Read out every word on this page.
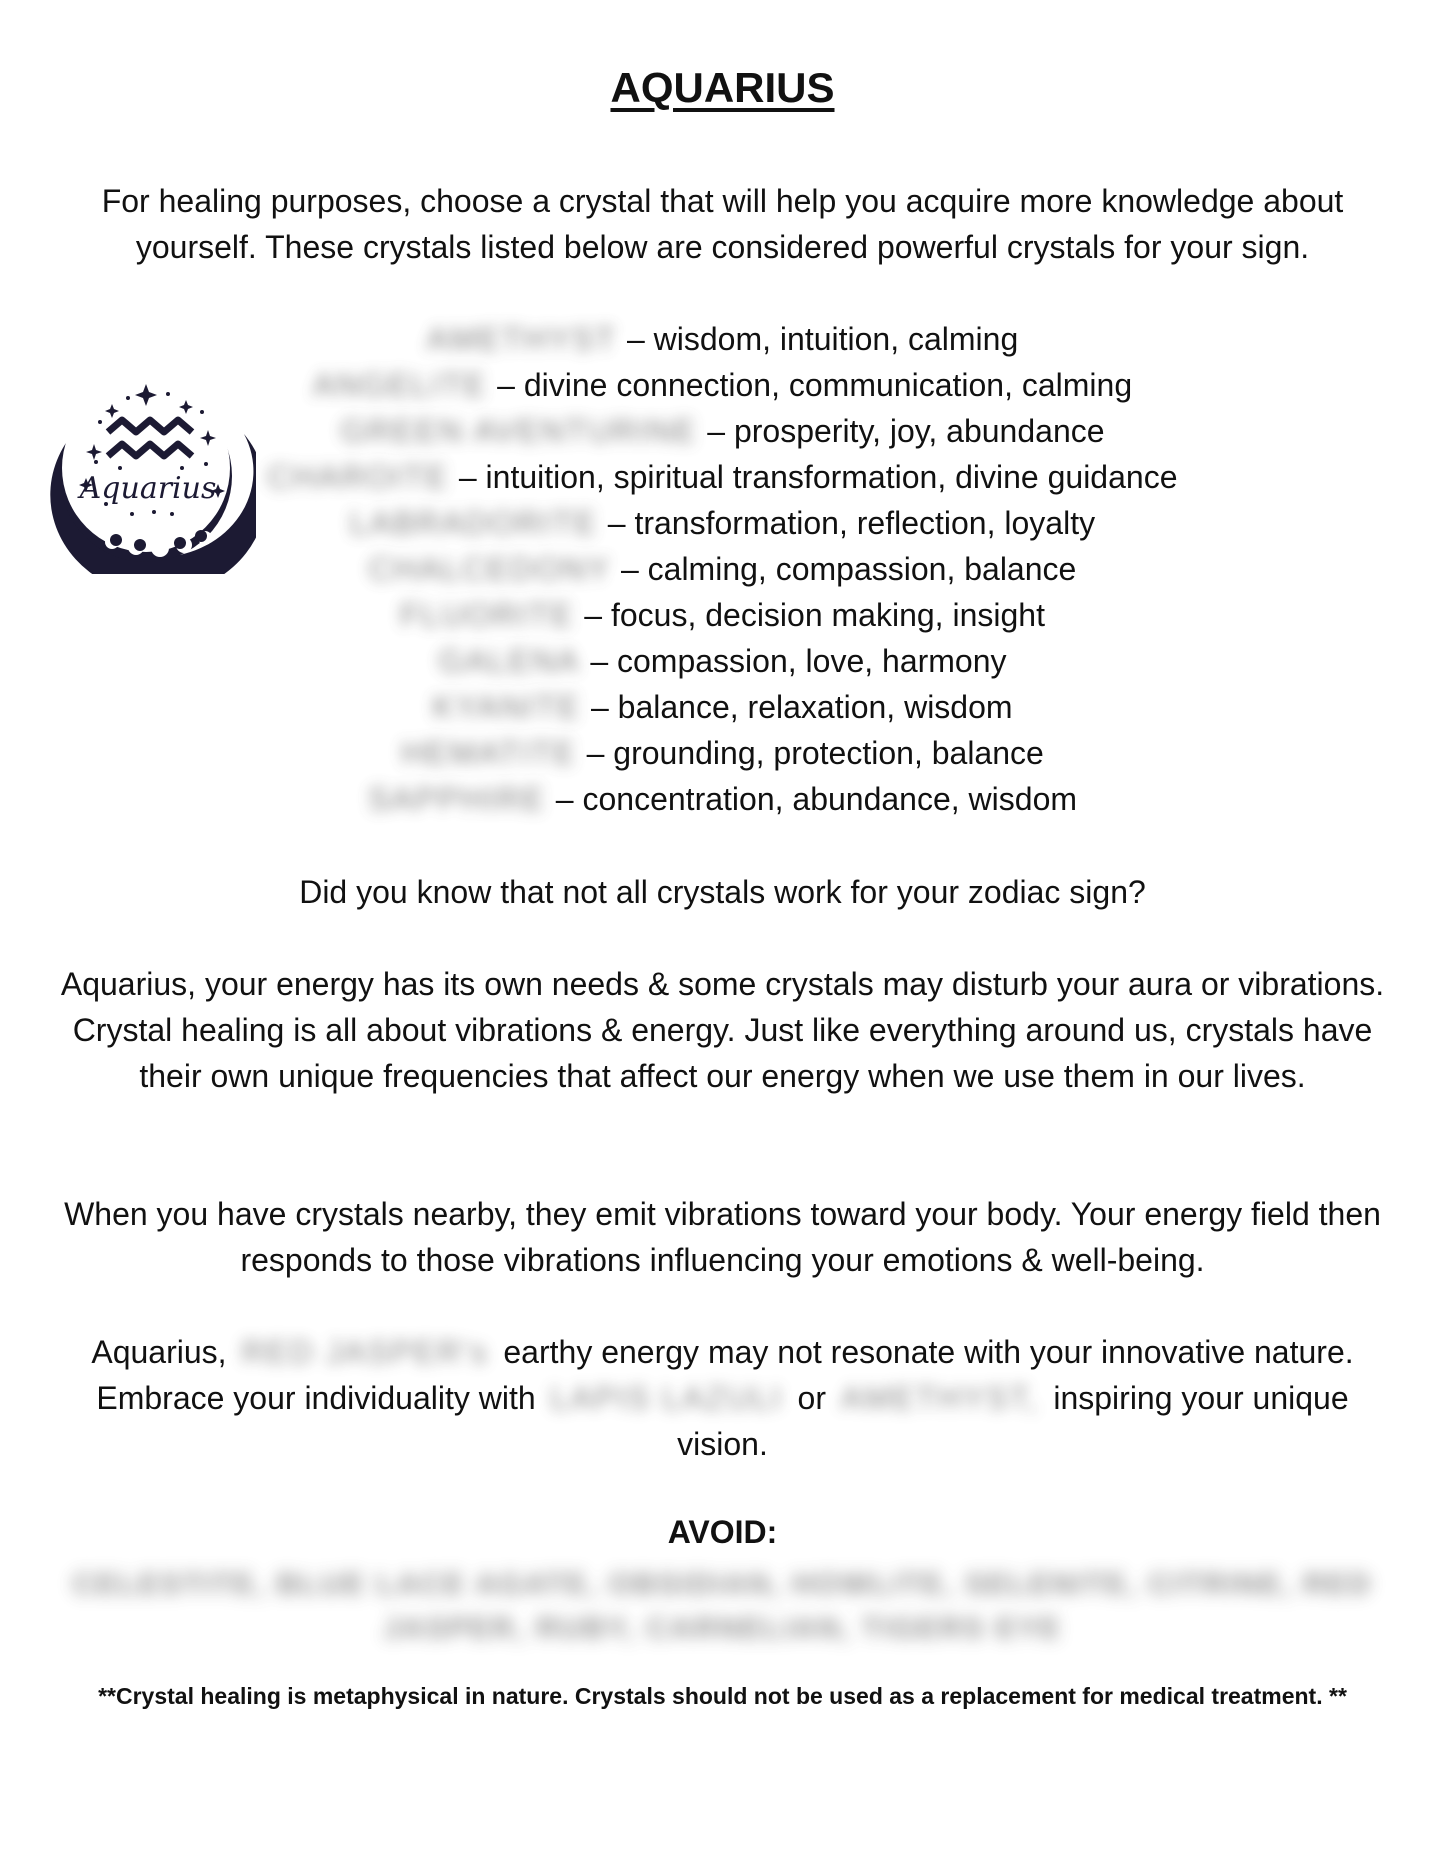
AQUARIUS
For healing purposes, choose a crystal that will help you acquire more knowledge about yourself. These crystals listed below are considered powerful crystals for your sign.
Aquarius
AMETHYST – wisdom, intuition, calming
ANGELITE – divine connection, communication, calming
GREEN AVENTURINE – prosperity, joy, abundance
CHAROITE – intuition, spiritual transformation, divine guidance
LABRADORITE – transformation, reflection, loyalty
CHALCEDONY – calming, compassion, balance
FLUORITE – focus, decision making, insight
GALENA – compassion, love, harmony
KYANITE – balance, relaxation, wisdom
HEMATITE – grounding, protection, balance
SAPPHIRE – concentration, abundance, wisdom
Did you know that not all crystals work for your zodiac sign?

Aquarius, your energy has its own needs & some crystals may disturb your aura or vibrations.

Crystal healing is all about vibrations & energy. Just like everything around us, crystals have their own unique frequencies that affect our energy when we use them in our lives.

When you have crystals nearby, they emit vibrations toward your body. Your energy field then responds to those vibrations influencing your emotions & well-being.
Aquarius, RED JASPER's earthy energy may not resonate with your innovative nature. Embrace your individuality with LAPIS LAZULI or AMETHYST, inspiring your unique vision.
AVOID:
CELESTITE, BLUE LACE AGATE, OBSIDIAN, HOWLITE, SELENITE, CITRINE, RED JASPER, RUBY, CARNELIAN, TIGERS EYE
**Crystal healing is metaphysical in nature. Crystals should not be used as a replacement for medical treatment. **
